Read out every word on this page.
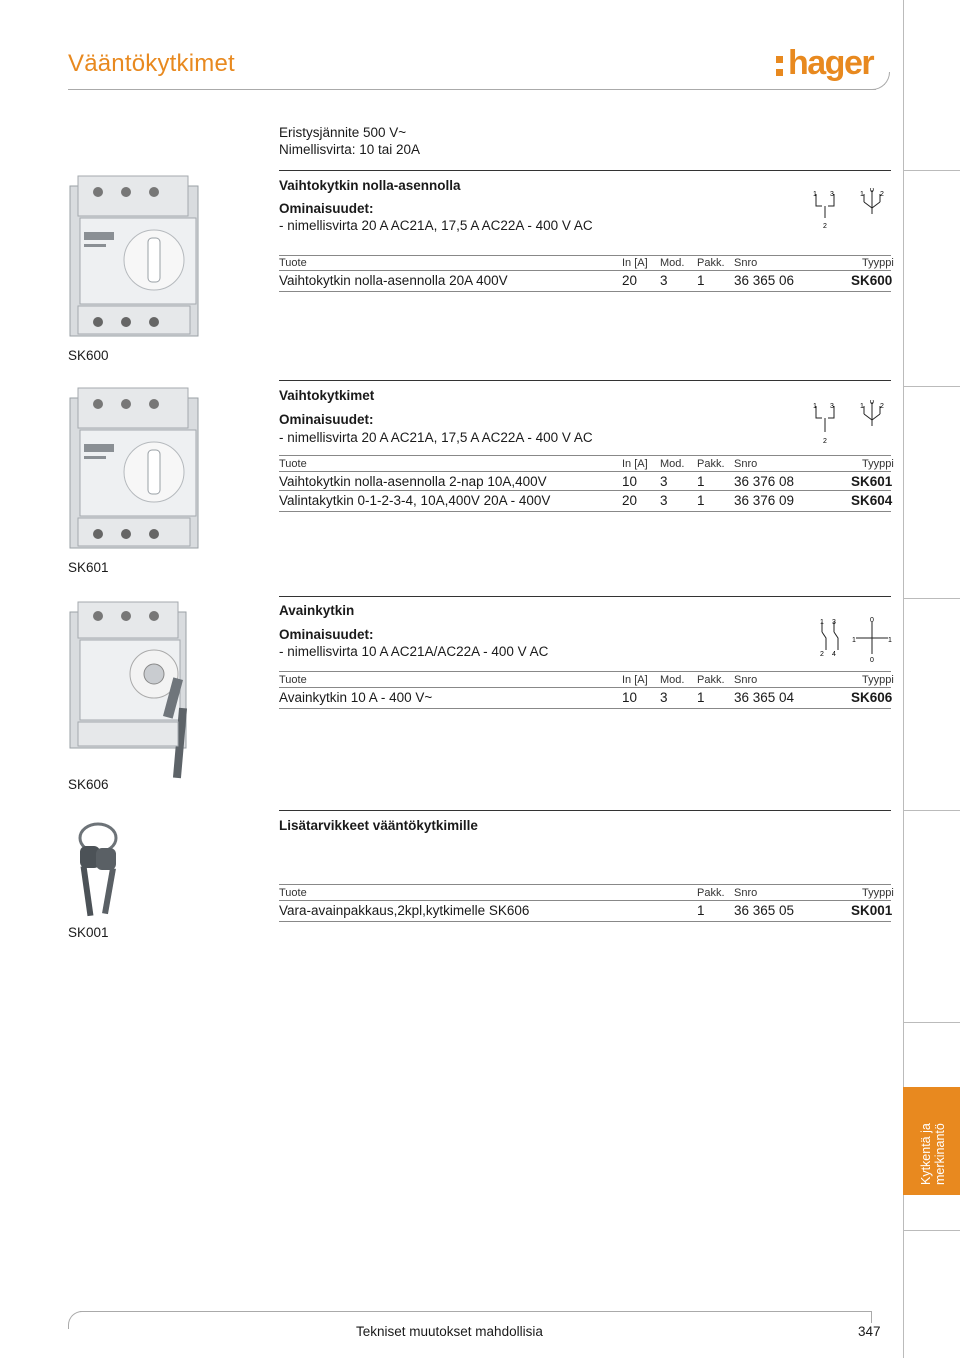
Vääntökytkimet	hager
Kytkentä ja merkinantö
Eristysjännite 500 V~
Nimellisvirta: 10 tai 20A
Vaihtokytkin nolla-asennolla
Ominaisuudet:
- nimellisvirta 20 A AC21A, 17,5 A AC22A - 400 V AC
1 3
2
1
0
2
Tuote	In [A] Mod. Pakk. Snro	Tyyppi
Vaihtokytkin nolla-asennolla 20A 400V	20 3 1 36 365 06	SK600
SK600
Vaihtokytkimet
Ominaisuudet:
- nimellisvirta 20 A AC21A, 17,5 A AC22A - 400 V AC
1 3
2
1
0
2
Tuote	In [A] Mod. Pakk. Snro	Tyyppi
Vaihtokytkin nolla-asennolla 2-nap 10A,400V	10 3 1 36 376 08	SK601
Valintakytkin 0-1-2-3-4, 10A,400V 20A - 400V	20 3 1 36 376 09	SK604
SK601
Avainkytkin
Ominaisuudet:
- nimellisvirta 10 A AC21A/AC22A - 400 V AC
1 3
2 4
0
1	1
0
Tuote	In [A] Mod. Pakk. Snro	Tyyppi
Avainkytkin 10 A - 400 V~	10 3 1 36 365 04	SK606
SK606
Lisätarvikkeet vääntökytkimille
Tuote	Pakk. Snro	Tyyppi
Vara-avainpakkaus,2kpl,kytkimelle SK606	1 36 365 05	SK001
SK001
Tekniset muutokset mahdollisia	347
